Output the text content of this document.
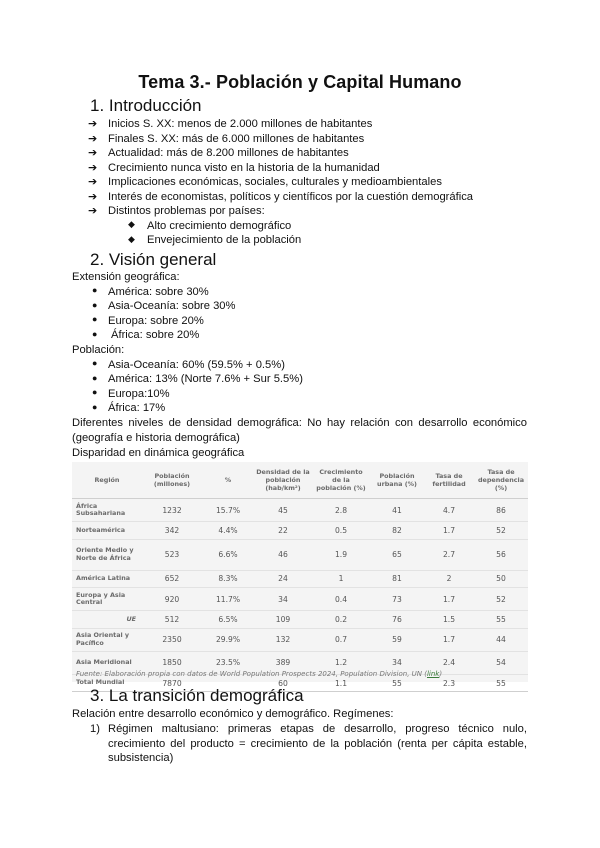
Tema 3.- Población y Capital Humano
1. Introducción
➔ Inicios S. XX: menos de 2.000 millones de habitantes
➔ Finales S. XX: más de 6.000 millones de habitantes
➔ Actualidad: más de 8.200 millones de habitantes
➔ Crecimiento nunca visto en la historia de la humanidad
➔ Implicaciones económicas, sociales, culturales y medioambientales
➔ Interés de economistas, políticos y científicos por la cuestión demográfica
➔ Distintos problemas por países:
◆ Alto crecimiento demográfico
◆ Envejecimiento de la población
2. Visión general
Extensión geográfica:
● América: sobre 30%
● Asia-Oceanía: sobre 30%
● Europa: sobre 20%
● África: sobre 20%
Población:
● Asia-Oceanía: 60% (59.5% + 0.5%)
● América: 13% (Norte 7.6% + Sur 5.5%)
● Europa:10%
● África: 17%
Diferentes niveles de densidad demográfica: No hay relación con desarrollo económico (geografía e historia demográfica)
Disparidad en dinámica geográfica
Región	Población (millones)	%	Densidad de la población (hab/km²)	Crecimiento de la población (%)	Población urbana (%)	Tasa de fertilidad	Tasa de dependencia (%)
África Subsahariana	1232	15.7%	45	2.8	41	4.7	86
Norteamérica	342	4.4%	22	0.5	82	1.7	52
Oriente Medio y Norte de África	523	6.6%	46	1.9	65	2.7	56
América Latina	652	8.3%	24	1	81	2	50
Europa y Asia Central	920	11.7%	34	0.4	73	1.7	52
UE	512	6.5%	109	0.2	76	1.5	55
Asia Oriental y Pacífico	2350	29.9%	132	0.7	59	1.7	44
Asia Meridional	1850	23.5%	389	1.2	34	2.4	54
Total Mundial	7870		60	1.1	55	2.3	55
Fuente: Elaboración propia con datos de World Population Prospects 2024, Population Division, UN (link)
3. La transición demográfica
Relación entre desarrollo económico y demográfico. Regímenes:
1) Régimen maltusiano: primeras etapas de desarrollo, progreso técnico nulo, crecimiento del producto = crecimiento de la población (renta per cápita estable, subsistencia)
